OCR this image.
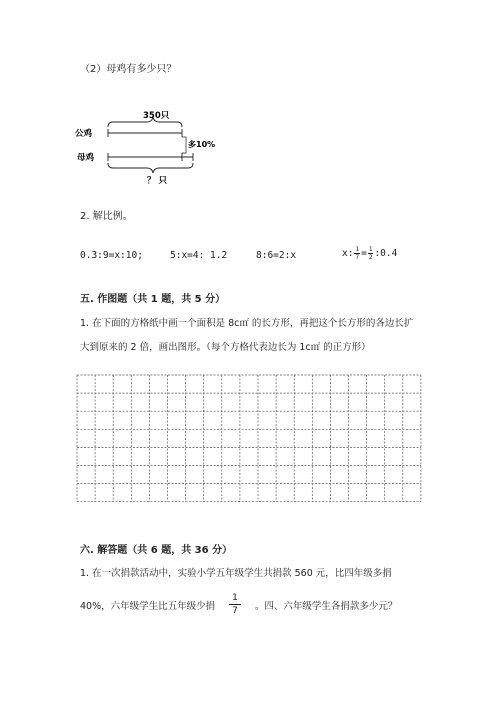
（2）母鸡有多少只？
350只
公鸡
母鸡
多10%
？ 只
2. 解比例。
0.3:9=x:10;	5:x=4: 1.2	8:6=2:x	x: $\frac{1}{7} = \frac{1}{2}$ :0.4
五. 作图题（共 1 题，共 5 分）
1. 在下面的方格纸中画一个面积是 8c㎡ 的长方形，再把这个长方形的各边长扩
大到原来的 2 倍，画出图形。（每个方格代表边长为 1c㎡ 的正方形）
六. 解答题（共 6 题，共 36 分）
1. 在一次捐款活动中，实验小学五年级学生共捐款 560 元，比四年级多捐
40%，六年级学生比五年级少捐 $\frac{1}{7}$ 。四、六年级学生各捐款多少元？
